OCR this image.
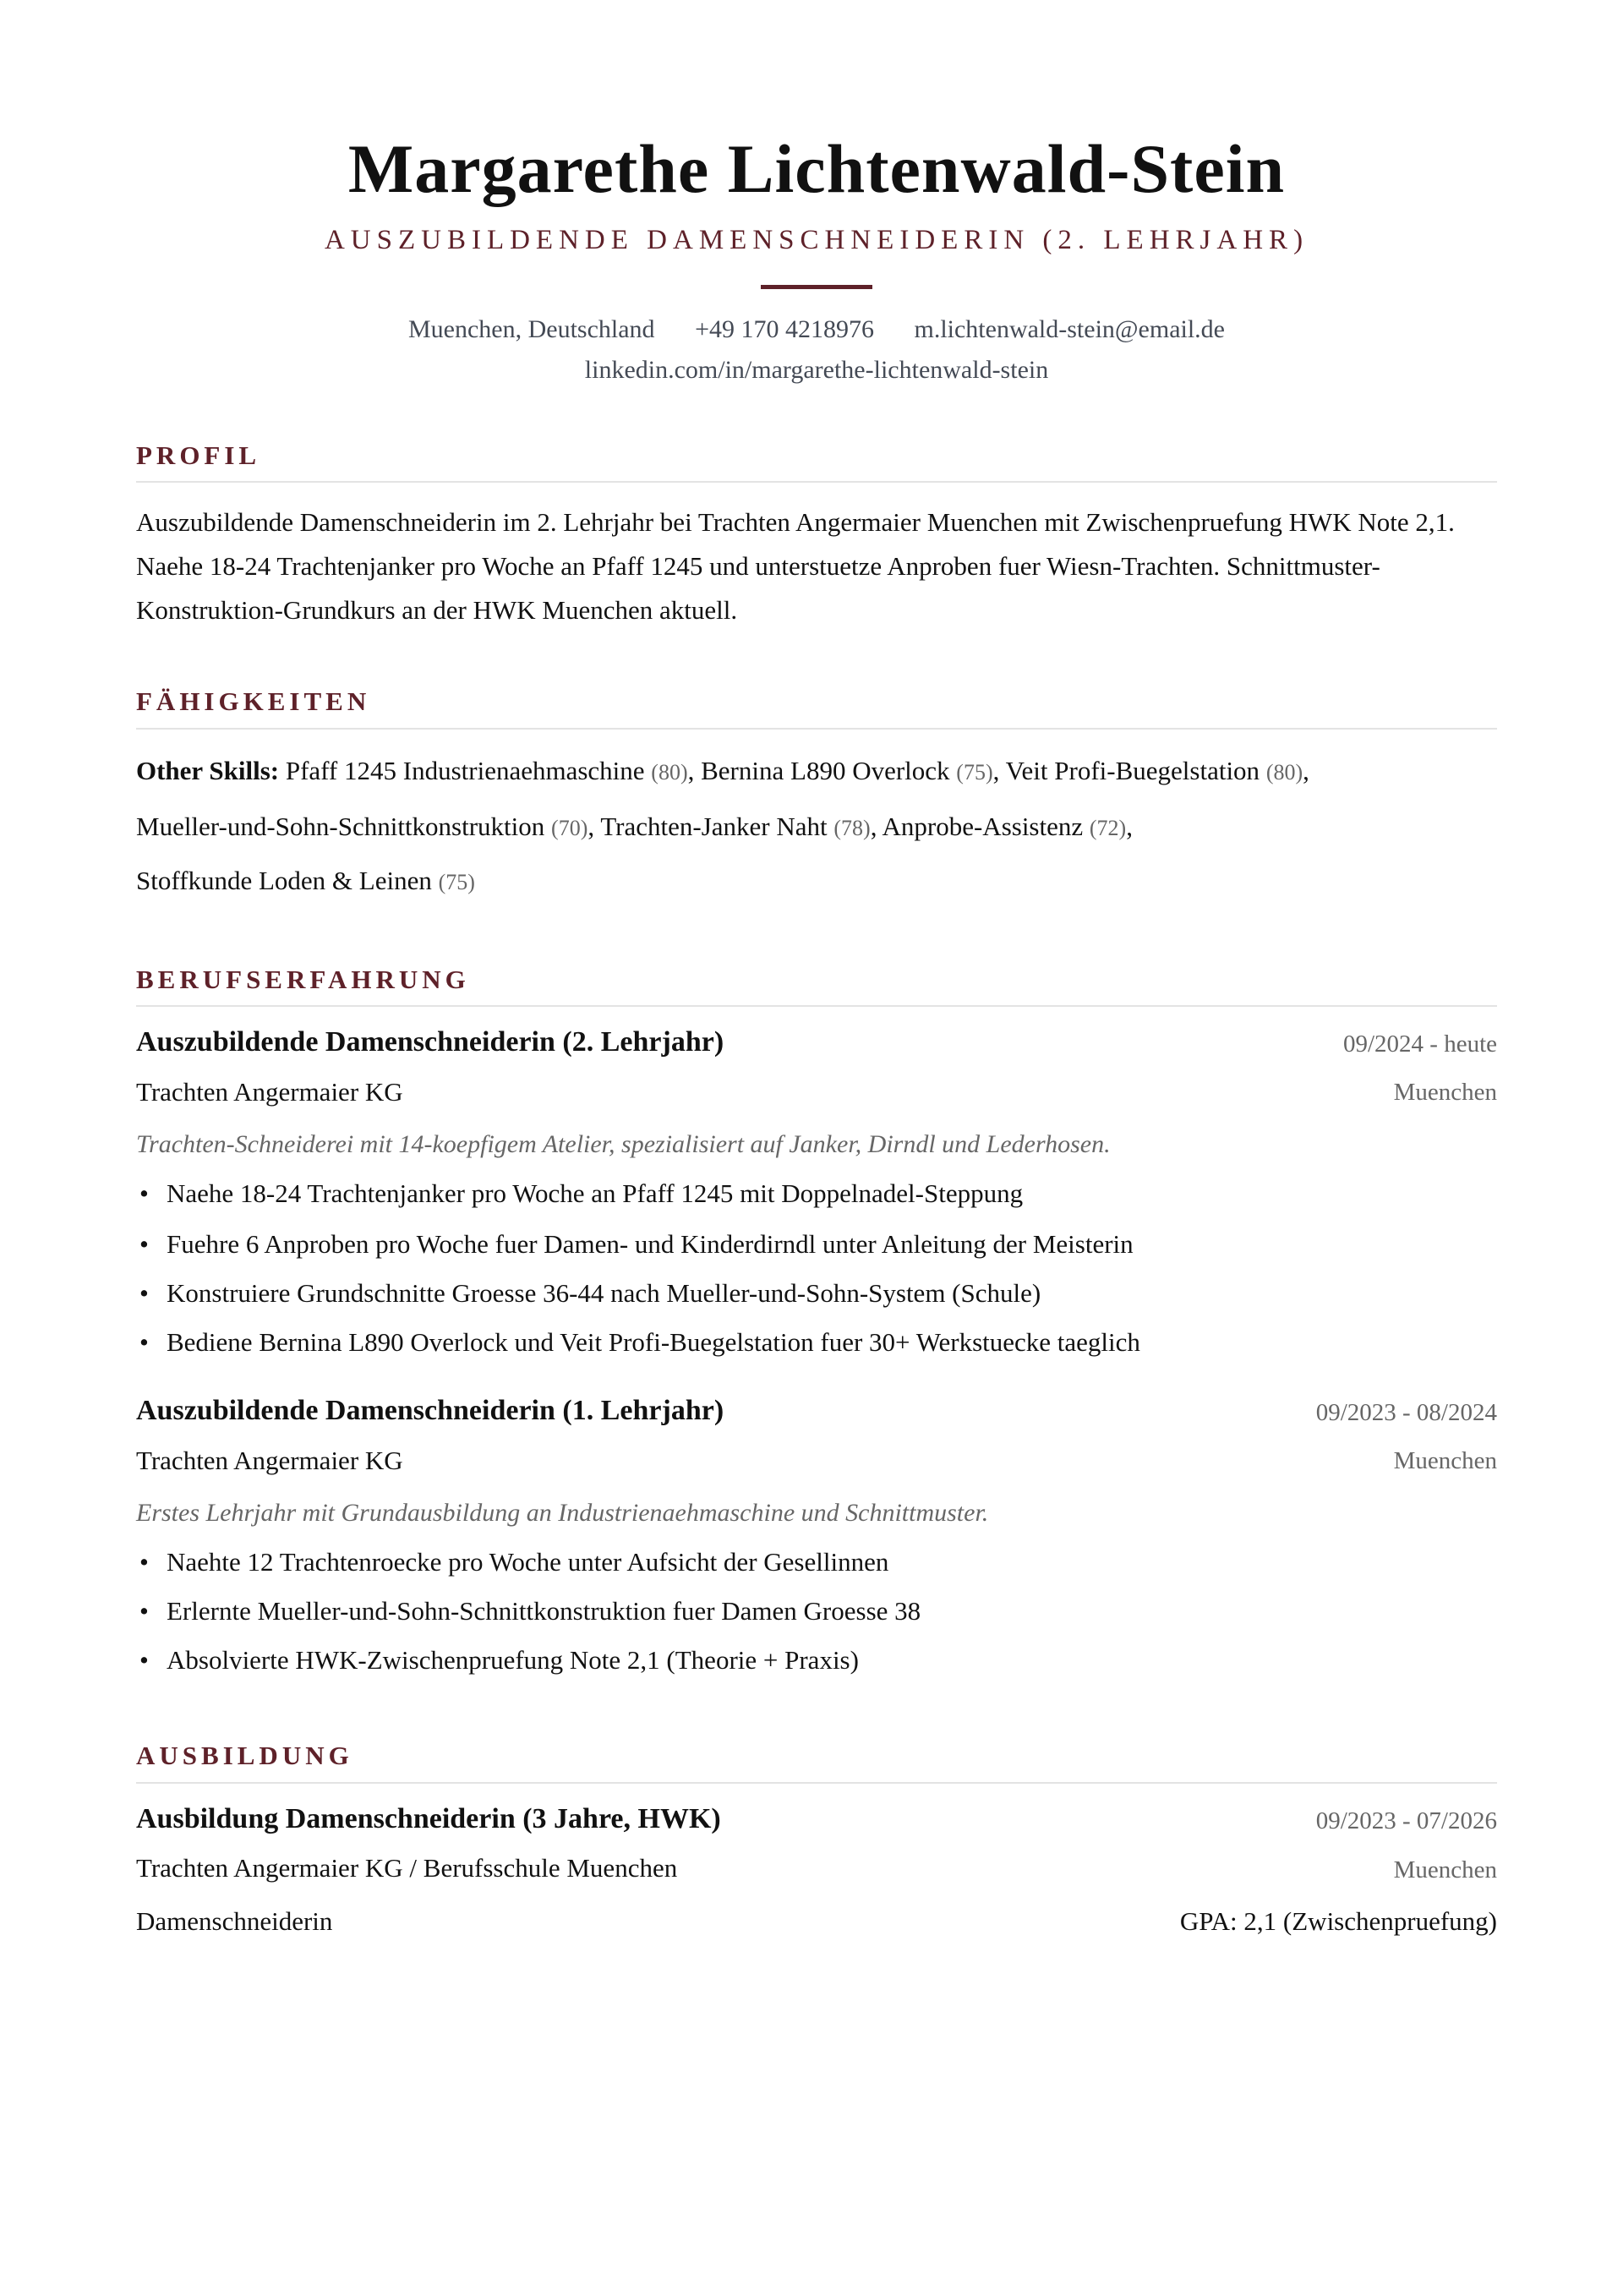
Margarethe Lichtenwald-Stein
AUSZUBILDENDE DAMENSCHNEIDERIN (2. LEHRJAHR)
Muenchen, Deutschland +49 170 4218976 m.lichtenwald-stein@email.de
linkedin.com/in/margarethe-lichtenwald-stein
PROFIL
Auszubildende Damenschneiderin im 2. Lehrjahr bei Trachten Angermaier Muenchen mit Zwischenpruefung HWK Note 2,1. Naehe 18-24 Trachtenjanker pro Woche an Pfaff 1245 und unterstuetze Anproben fuer Wiesn-Trachten. Schnittmuster-Konstruktion-Grundkurs an der HWK Muenchen aktuell.
FÄHIGKEITEN
Other Skills: Pfaff 1245 Industrienaehmaschine (80), Bernina L890 Overlock (75), Veit Profi-Buegelstation (80),
Mueller-und-Sohn-Schnittkonstruktion (70), Trachten-Janker Naht (78), Anprobe-Assistenz (72),
Stoffkunde Loden & Leinen (75)
BERUFSERFAHRUNG
Auszubildende Damenschneiderin (2. Lehrjahr)	09/2024 - heute
Trachten Angermaier KG	Muenchen
Trachten-Schneiderei mit 14-koepfigem Atelier, spezialisiert auf Janker, Dirndl und Lederhosen.
• Naehe 18-24 Trachtenjanker pro Woche an Pfaff 1245 mit Doppelnadel-Steppung
• Fuehre 6 Anproben pro Woche fuer Damen- und Kinderdirndl unter Anleitung der Meisterin
• Konstruiere Grundschnitte Groesse 36-44 nach Mueller-und-Sohn-System (Schule)
• Bediene Bernina L890 Overlock und Veit Profi-Buegelstation fuer 30+ Werkstuecke taeglich
Auszubildende Damenschneiderin (1. Lehrjahr)	09/2023 - 08/2024
Trachten Angermaier KG	Muenchen
Erstes Lehrjahr mit Grundausbildung an Industrienaehmaschine und Schnittmuster.
• Naehte 12 Trachtenroecke pro Woche unter Aufsicht der Gesellinnen
• Erlernte Mueller-und-Sohn-Schnittkonstruktion fuer Damen Groesse 38
• Absolvierte HWK-Zwischenpruefung Note 2,1 (Theorie + Praxis)
AUSBILDUNG
Ausbildung Damenschneiderin (3 Jahre, HWK)	09/2023 - 07/2026
Trachten Angermaier KG / Berufsschule Muenchen	Muenchen
Damenschneiderin	GPA: 2,1 (Zwischenpruefung)
